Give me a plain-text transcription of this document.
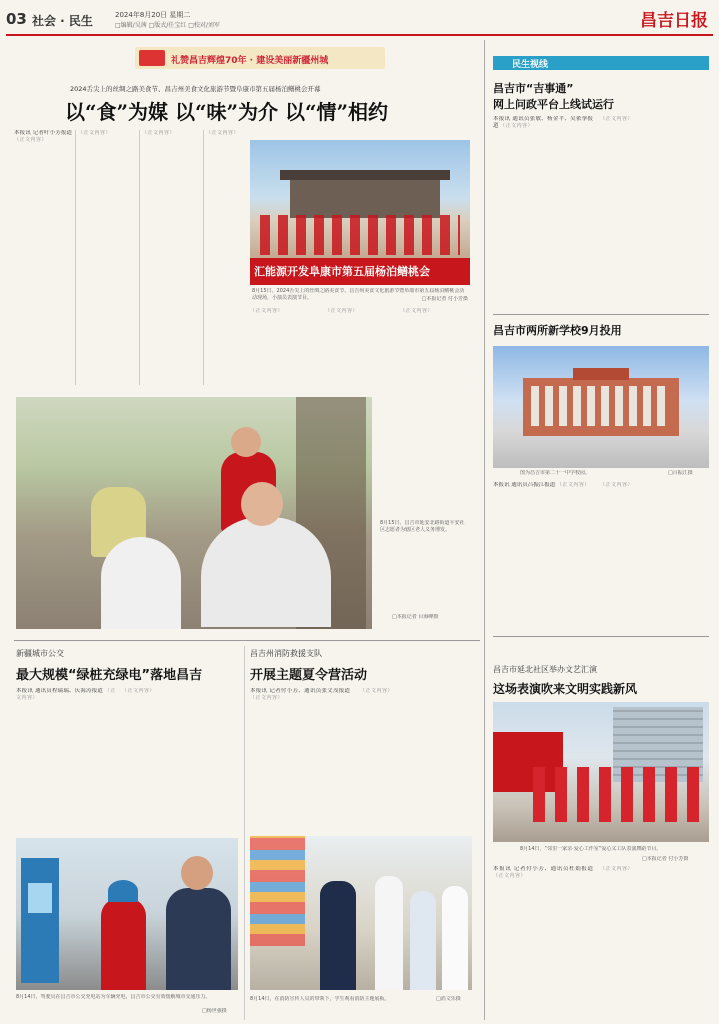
03 社会 · 民生	2024年8月20日 星期二
□编辑/吴茜 □版式/任宝红 □校对/刘军	昌吉日报
礼赞昌吉辉煌70年 · 建设美丽新疆州城
2024舌尖上的丝绸之路美食节、昌吉州美食文化旅游节暨阜康市第五届杨泊鳝桃会开幕
以“食”为媒 以“味”为介 以“情”相约
本报讯 记者叶小芳报道 （正文内容）
（正文内容）	（正文内容）	（正文内容）
汇能源开发阜康市第五届杨泊鳝桃会
8月15日，2024舌尖上的丝绸之路美食节、昌吉州美食文化旅游节暨阜康市第五届杨泊鳝桃会活动现场，小演员表演节目。	□本报记者 付小芳摄
（正文内容）	（正文内容）	（正文内容）
8月15日，昌吉市延安北路街道平安社区志愿者为辖区老人义务理发。
□本报记者 目海峰摄
民生视线
昌吉市“吉事通”
网上问政平台上线试运行
本报讯 通讯员张敏、杨金平、吴依拳报道 （正文内容）
（正文内容）
昌吉市两所新学校9月投用
图为昌吉市第二十一中学校园。	□吕振江摄
本报讯 通讯员吕振江报道 （正文内容）	（正文内容）
新疆城市公交
最大规模“绿桩充绿电”落地昌吉
本报讯 通讯员程瑞瑞、庆海涛报道 （正文内容）
（正文内容）
8月14日，驾驶员在昌吉市公交充电站为车辆充电，昌吉市公交有效缓解城市交通压力。
□杨世强摄
昌吉州消防救援支队
开展主题夏令营活动
本报讯 记者付小芳、通讯员张文茂报道 （正文内容）
（正文内容）
8月14日，在消防宣传人员的带领下，学生观看消防主题展板。	□消文乐摄
昌吉市延北社区举办文艺汇演
这场表演吹来文明实践新风
8月14日，“邻里一家亲·爱心工作室”爱心义工队表演舞蹈节目。
□本报记者 付小芳摄
本报讯 记者付小芳、通讯员杜娟报道 （正文内容）
（正文内容）
